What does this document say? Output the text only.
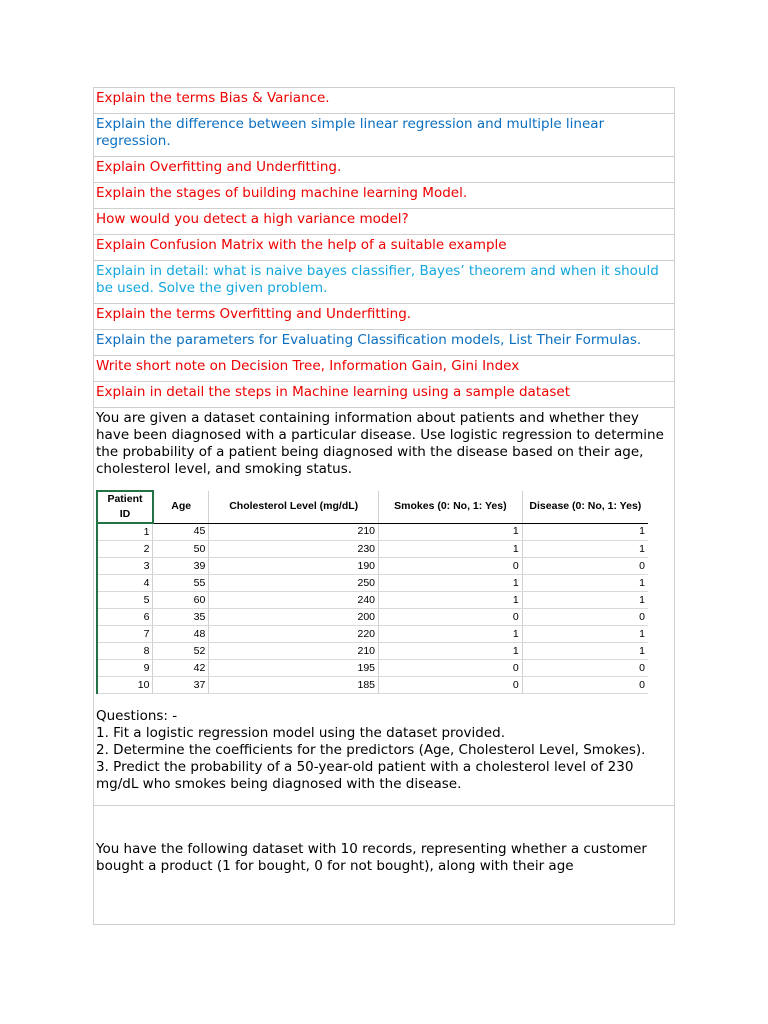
Explain the terms Bias & Variance.
Explain the difference between simple linear regression and multiple linear regression.
Explain Overfitting and Underfitting.
Explain the stages of building machine learning Model.
How would you detect a high variance model?
Explain Confusion Matrix with the help of a suitable example
Explain in detail: what is naive bayes classifier, Bayes’ theorem and when it should be used. Solve the given problem.
Explain the terms Overfitting and Underfitting.
Explain the parameters for Evaluating Classification models, List Their Formulas.
Write short note on Decision Tree, Information Gain, Gini Index
Explain in detail the steps in Machine learning using a sample dataset
You are given a dataset containing information about patients and whether they have been diagnosed with a particular disease. Use logistic regression to determine the probability of a patient being diagnosed with the disease based on their age, cholesterol level, and smoking status.
Patient ID	Age	Cholesterol Level (mg/dL)	Smokes (0: No, 1: Yes)	Disease (0: No, 1: Yes)
1	45	210	1	1
2	50	230	1	1
3	39	190	0	0
4	55	250	1	1
5	60	240	1	1
6	35	200	0	0
7	48	220	1	1
8	52	210	1	1
9	42	195	0	0
10	37	185	0	0
Questions: -
1. Fit a logistic regression model using the dataset provided.
2. Determine the coefficients for the predictors (Age, Cholesterol Level, Smokes).
3. Predict the probability of a 50-year-old patient with a cholesterol level of 230 mg/dL who smokes being diagnosed with the disease.
You have the following dataset with 10 records, representing whether a customer bought a product (1 for bought, 0 for not bought), along with their age
